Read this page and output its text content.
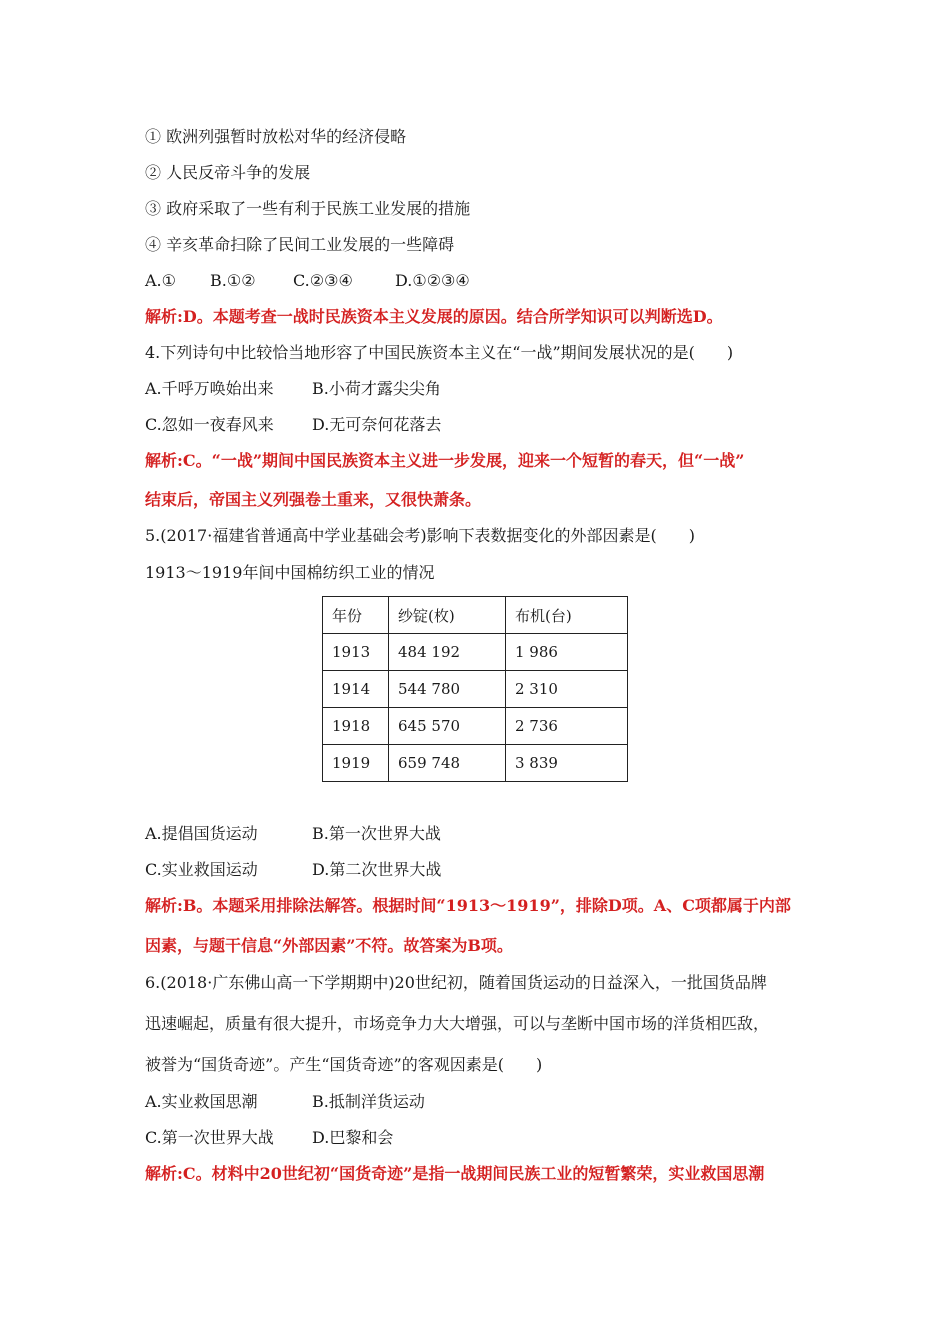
① 欧洲列强暂时放松对华的经济侵略
② 人民反帝斗争的发展
③ 政府采取了一些有利于民族工业发展的措施
④ 辛亥革命扫除了民间工业发展的一些障碍
A.① B.①② C.②③④	D.①②③④
解析:D。本题考查一战时民族资本主义发展的原因。结合所学知识可以判断选D。
4.下列诗句中比较恰当地形容了中国民族资本主义在“一战”期间发展状况的是(　　)
A.千呼万唤始出来 B.小荷才露尖尖角
C.忽如一夜春风来 D.无可奈何花落去
解析:C。“一战”期间中国民族资本主义进一步发展，迎来一个短暂的春天，但“一战”
结束后，帝国主义列强卷土重来，又很快萧条。
5.(2017·福建省普通高中学业基础会考)影响下表数据变化的外部因素是(　　)
1913～1919年间中国棉纺织工业的情况
年份	纱锭(枚)	布机(台)
1913	484 192	1 986
1914	544 780	2 310
1918	645 570	2 736
1919	659 748	3 839
A.提倡国货运动	B.第一次世界大战
C.实业救国运动	D.第二次世界大战
解析:B。本题采用排除法解答。根据时间“1913～1919”，排除D项。A、C项都属于内部
因素，与题干信息“外部因素”不符。故答案为B项。
6.(2018·广东佛山高一下学期期中)20世纪初，随着国货运动的日益深入，一批国货品牌
迅速崛起，质量有很大提升，市场竞争力大大增强，可以与垄断中国市场的洋货相匹敌，
被誉为“国货奇迹”。产生“国货奇迹”的客观因素是(　　)
A.实业救国思潮	B.抵制洋货运动
C.第一次世界大战 D.巴黎和会
解析:C。材料中20世纪初“国货奇迹”是指一战期间民族工业的短暂繁荣，实业救国思潮
